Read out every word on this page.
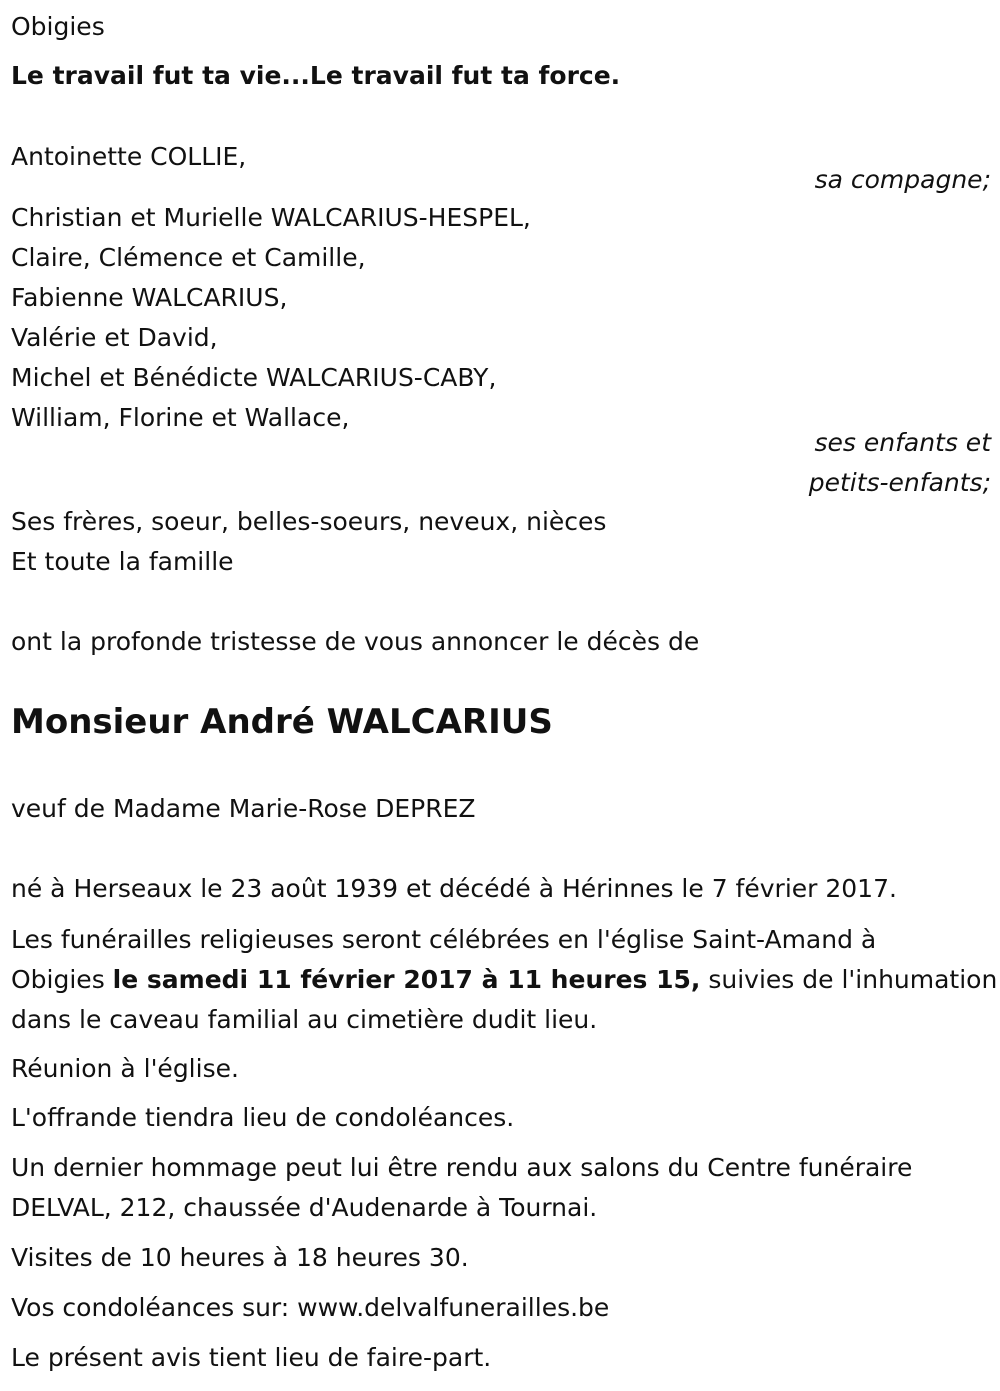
Obigies
Le travail fut ta vie...Le travail fut ta force.
Antoinette COLLIE,
sa compagne;
Christian et Murielle WALCARIUS-HESPEL,
Claire, Clémence et Camille,
Fabienne WALCARIUS,
Valérie et David,
Michel et Bénédicte WALCARIUS-CABY,
William, Florine et Wallace,
ses enfants et
petits-enfants;
Ses frères, soeur, belles-soeurs, neveux, nièces
Et toute la famille
ont la profonde tristesse de vous annoncer le décès de
Monsieur André WALCARIUS
veuf de Madame Marie-Rose DEPREZ
né à Herseaux le 23 août 1939 et décédé à Hérinnes le 7 février 2017.
Les funérailles religieuses seront célébrées en l'église Saint-Amand à
Obigies le samedi 11 février 2017 à 11 heures 15, suivies de l'inhumation
dans le caveau familial au cimetière dudit lieu.
Réunion à l'église.
L'offrande tiendra lieu de condoléances.
Un dernier hommage peut lui être rendu aux salons du Centre funéraire
DELVAL, 212, chaussée d'Audenarde à Tournai.
Visites de 10 heures à 18 heures 30.
Vos condoléances sur: www.delvalfunerailles.be
Le présent avis tient lieu de faire-part.
